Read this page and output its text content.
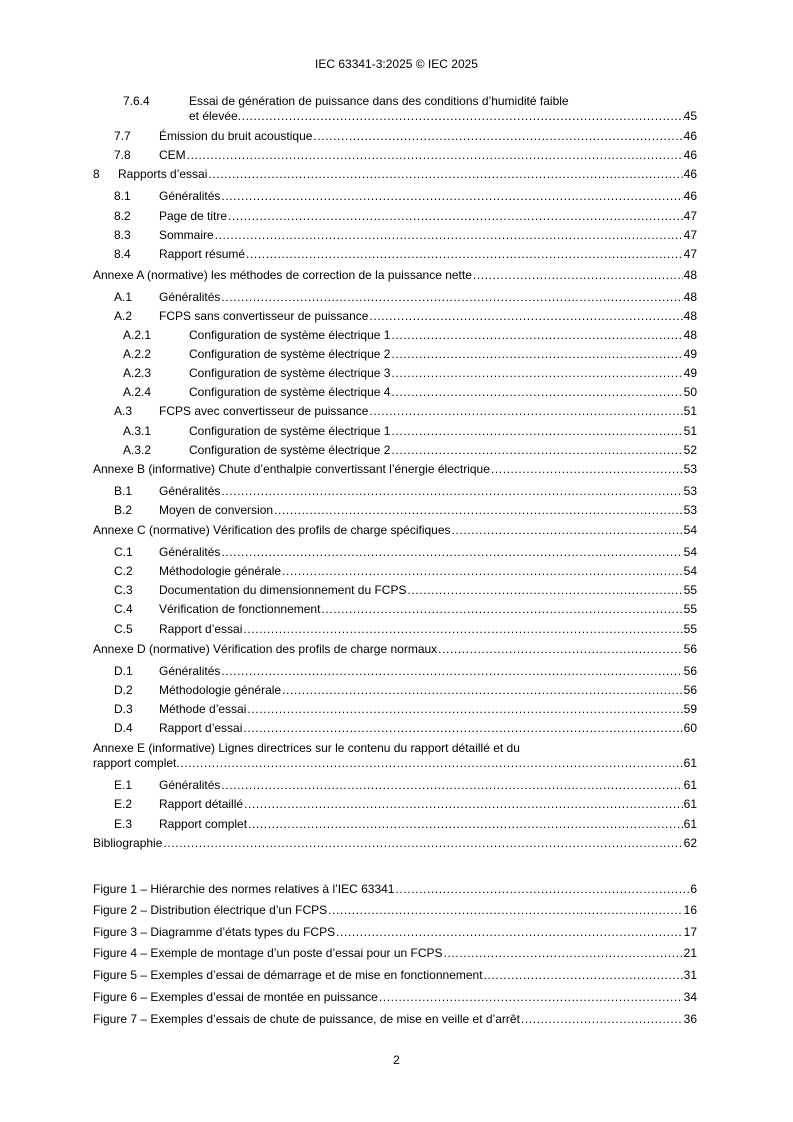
IEC 63341-3:2025 © IEC 2025
7.6.4	Essai de génération de puissance dans des conditions d’humidité faible
et élevée .....	45
7.7	Émission du bruit acoustique .....	46
7.8	CEM .....	46
8	Rapports d’essai .....	46
8.1	Généralités .....	46
8.2	Page de titre .....	47
8.3	Sommaire .....	47
8.4	Rapport résumé .....	47
Annexe A (normative) les méthodes de correction de la puissance nette .....	48
A.1	Généralités .....	48
A.2	FCPS sans convertisseur de puissance .....	48
A.2.1	Configuration de système électrique 1 .....	48
A.2.2	Configuration de système électrique 2 .....	49
A.2.3	Configuration de système électrique 3 .....	49
A.2.4	Configuration de système électrique 4 .....	50
A.3	FCPS avec convertisseur de puissance .....	51
A.3.1	Configuration de système électrique 1 .....	51
A.3.2	Configuration de système électrique 2 .....	52
Annexe B (informative) Chute d’enthalpie convertissant l’énergie électrique .....	53
B.1	Généralités .....	53
B.2	Moyen de conversion .....	53
Annexe C (normative) Vérification des profils de charge spécifiques .....	54
C.1	Généralités .....	54
C.2	Méthodologie générale .....	54
C.3	Documentation du dimensionnement du FCPS .....	55
C.4	Vérification de fonctionnement .....	55
C.5	Rapport d’essai .....	55
Annexe D (normative) Vérification des profils de charge normaux .....	56
D.1	Généralités .....	56
D.2	Méthodologie générale .....	56
D.3	Méthode d’essai .....	59
D.4	Rapport d’essai .....	60
Annexe E (informative) Lignes directrices sur le contenu du rapport détaillé et du
rapport complet .....	61
E.1	Généralités .....	61
E.2	Rapport détaillé .....	61
E.3	Rapport complet .....	61
Bibliographie .....	62
Figure 1 – Hiérarchie des normes relatives à l’IEC 63341 .....	6
Figure 2 – Distribution électrique d’un FCPS .....	16
Figure 3 – Diagramme d’états types du FCPS .....	17
Figure 4 – Exemple de montage d’un poste d’essai pour un FCPS .....	21
Figure 5 – Exemples d’essai de démarrage et de mise en fonctionnement .....	31
Figure 6 – Exemples d’essai de montée en puissance .....	34
Figure 7 – Exemples d’essais de chute de puissance, de mise en veille et d’arrêt .....	36
2
